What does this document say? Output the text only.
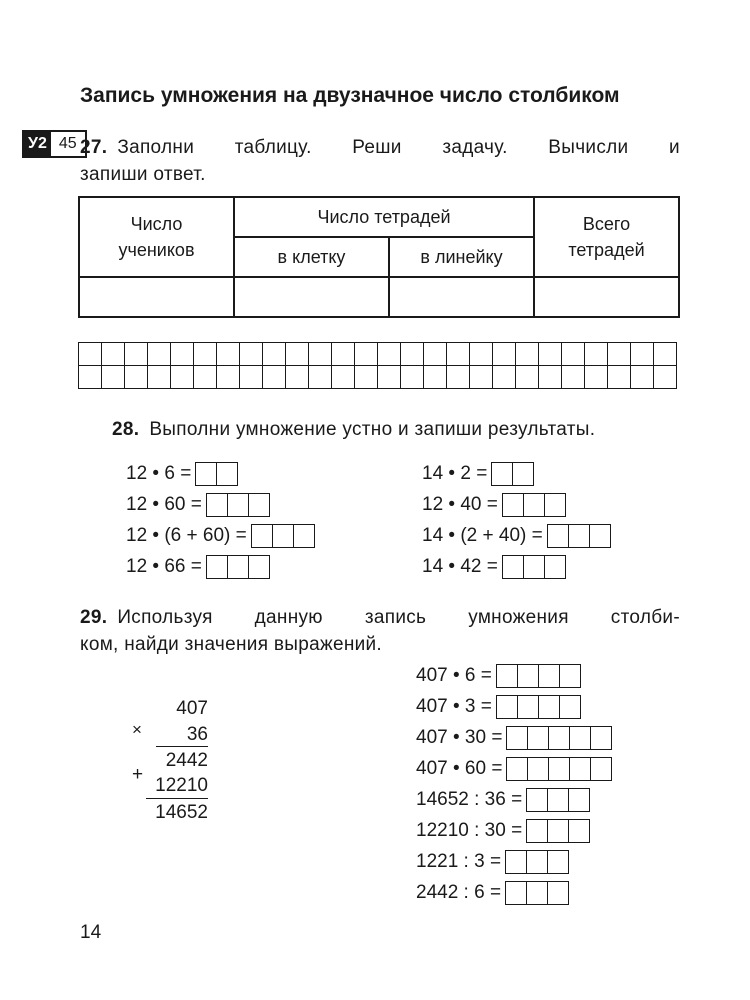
Запись умножения на двузначное число столбиком
У2 45 27. Заполни таблицу. Реши задачу. Вычисли и
запиши ответ.
Число учеников	Число тетрадей		Всего тетрадей

	в клетку	в линейку	

28. Выполни умножение устно и запиши результаты.
12 • 6 =
12 • 60 =
12 • (6 + 60) =
12 • 66 =
14 • 2 =
12 • 40 =
14 • (2 + 40) =
14 • 42 =
29. Используя данную запись умножения столби-
ком, найди значения выражений.
407
× 36
2442
+
12210
14652
407 • 6 =
407 • 3 =
407 • 30 =
407 • 60 =
14652 : 36 =
12210 : 30 =
1221 : 3 =
2442 : 6 =
14
